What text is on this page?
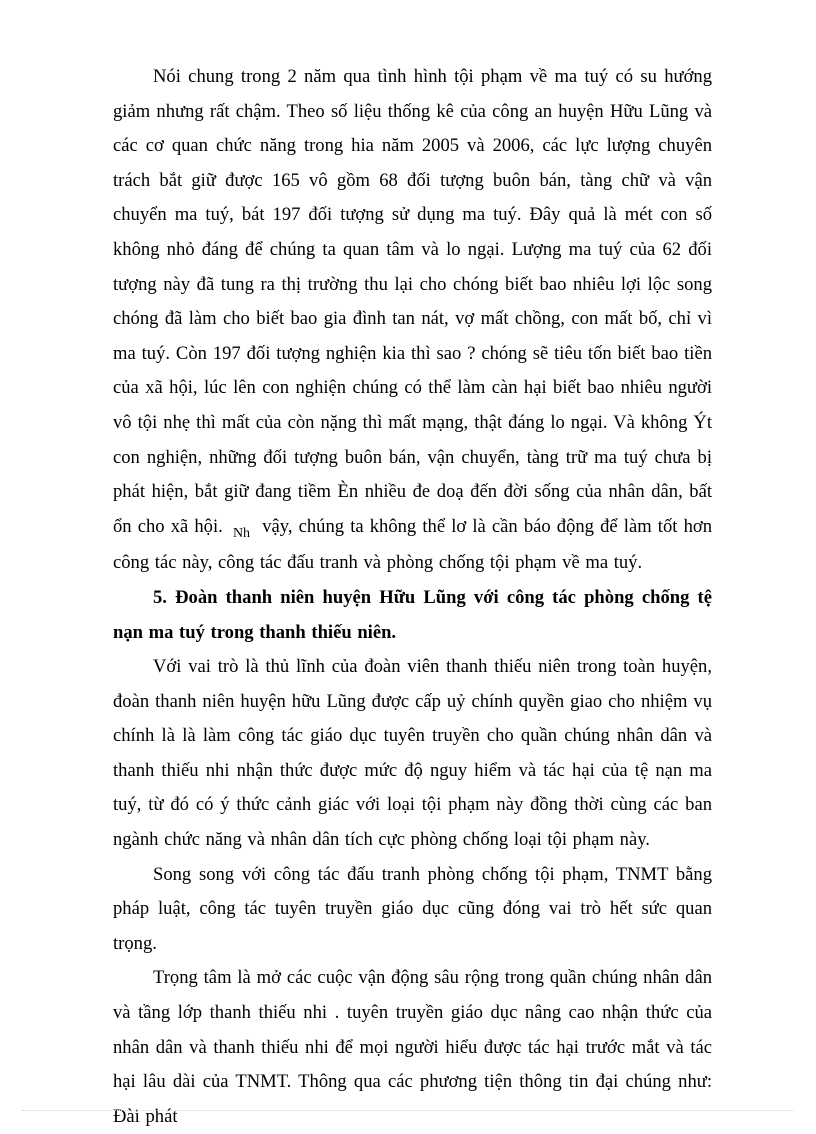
Nói chung trong 2 năm qua tình hình tội phạm về ma tuý có su hướng giảm nhưng rất chậm. Theo số liệu thống kê của công an huyện Hữu Lũng và các cơ quan chức năng trong hia năm 2005 và 2006, các lực lượng chuyên trách bắt giữ được 165 vô gồm 68 đối tượng buôn bán, tàng chữ và vận chuyển ma tuý, bát 197 đối tượng sử dụng ma tuý. Đây quả là mét con số không nhỏ đáng để chúng ta quan tâm và lo ngại. Lượng ma tuý của 62 đối tượng này đã tung ra thị trường thu lại cho chóng biết bao nhiêu lợi lộc song chóng đã làm cho biết bao gia đình tan nát, vợ mất chồng, con mất bố, chỉ vì ma tuý. Còn 197 đối tượng nghiện kia thì sao ? chóng sẽ tiêu tốn biết bao tiền của xã hội, lúc lên con nghiện chúng có thể làm càn hại biết bao nhiêu người vô tội nhẹ thì mất của còn nặng thì mất mạng, thật đáng lo ngại. Và không Ýt con nghiện, những đối tượng buôn bán, vận chuyển, tàng trữ ma tuý chưa bị phát hiện, bắt giữ đang tiềm Èn nhiều đe doạ đến đời sống của nhân dân, bất ổn cho xã hội. $_{Nh}$ vậy, chúng ta không thể lơ là cần báo động để làm tốt hơn công tác này, công tác đấu tranh và phòng chống tội phạm về ma tuý.

5. Đoàn thanh niên huyện Hữu Lũng với công tác phòng chống tệ nạn ma tuý trong thanh thiếu niên.

Với vai trò là thủ lĩnh của đoàn viên thanh thiếu niên trong toàn huyện, đoàn thanh niên huyện hữu Lũng được cấp uỷ chính quyền giao cho nhiệm vụ chính là là làm công tác giáo dục tuyên truyền cho quần chúng nhân dân và thanh thiếu nhi nhận thức được mức độ nguy hiểm và tác hại của tệ nạn ma tuý, từ đó có ý thức cảnh giác với loại tội phạm này đồng thời cùng các ban ngành chức năng và nhân dân tích cực phòng chống loại tội phạm này.

Song song với công tác đấu tranh phòng chống tội phạm, TNMT bằng pháp luật, công tác tuyên truyền giáo dục cũng đóng vai trò hết sức quan trọng.

Trọng tâm là mở các cuộc vận động sâu rộng trong quần chúng nhân dân và tầng lớp thanh thiếu nhi . tuyên truyền giáo dục nâng cao nhận thức của nhân dân và thanh thiếu nhi để mọi người hiểu được tác hại trước mắt và tác hại lâu dài của TNMT. Thông qua các phương tiện thông tin đại chúng như: Đài phát
